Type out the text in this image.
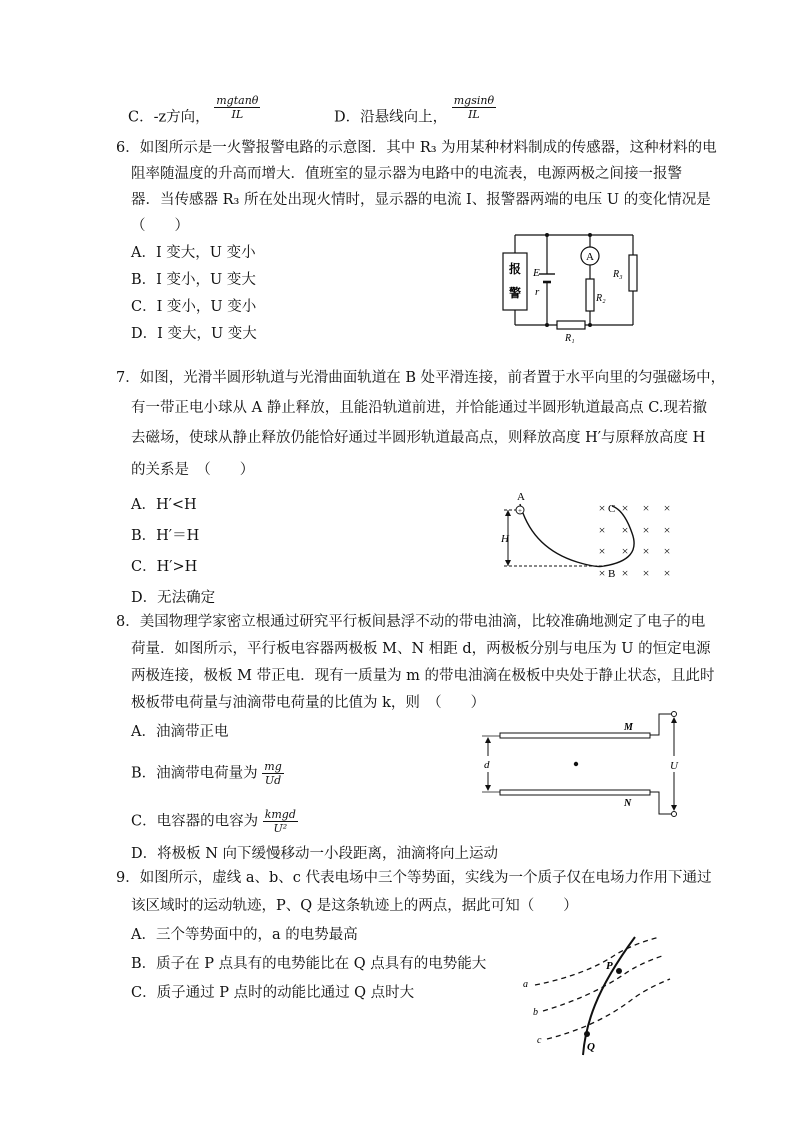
C．-z方向， $\frac{mgtan\theta}{IL}$	D．沿悬线向上， $\frac{mgsin\theta}{IL}$
6．如图所示是一火警报警电路的示意图．其中 R₃ 为用某种材料制成的传感器，这种材料的电
阻率随温度的升高而增大．值班室的显示器为电路中的电流表，电源两极之间接一报警
器．当传感器 R₃ 所在处出现火情时，显示器的电流 I、报警器两端的电压 U 的变化情况是
（　　）
A．I 变大，U 变小
B．I 变小，U 变大
C．I 变小，U 变小
D．I 变大，U 变大
报
警
E
r
A
R₂
R₃
R₁
7．如图，光滑半圆形轨道与光滑曲面轨道在 B 处平滑连接，前者置于水平向里的匀强磁场中，
有一带正电小球从 A 静止释放，且能沿轨道前进，并恰能通过半圆形轨道最高点 C.现若撤
去磁场，使球从静止释放仍能恰好通过半圆形轨道最高点，则释放高度 H′与原释放高度 H
的关系是　（　　）
A．H′<H
B．H′＝H
C．H′>H
D．无法确定
H
+
A
× × × ×
× × × ×
× × × ×
× × × ×
C
B
8．美国物理学家密立根通过研究平行板间悬浮不动的带电油滴，比较准确地测定了电子的电
荷量．如图所示，平行板电容器两极板 M、N 相距 d，两极板分别与电压为 U 的恒定电源
两极连接，极板 M 带正电．现有一质量为 m 的带电油滴在极板中央处于静止状态，且此时
极板带电荷量与油滴带电荷量的比值为 k，则　（　　）
A．油滴带正电
B．油滴带电荷量为 $\frac{mg}{Ud}$
C．电容器的电容为 $\frac{\text{kmgd}}{\text{U²}}$
D．将极板 N 向下缓慢移动一小段距离，油滴将向上运动
M
N
U
d
9．如图所示，虚线 a、b、c 代表电场中三个等势面，实线为一个质子仅在电场力作用下通过
该区域时的运动轨迹，P、Q 是这条轨迹上的两点，据此可知（　　）
A．三个等势面中的，a 的电势最高
B．质子在 P 点具有的电势能比在 Q 点具有的电势能大
C．质子通过 P 点时的动能比通过 Q 点时大
P
Q
a
b
c
